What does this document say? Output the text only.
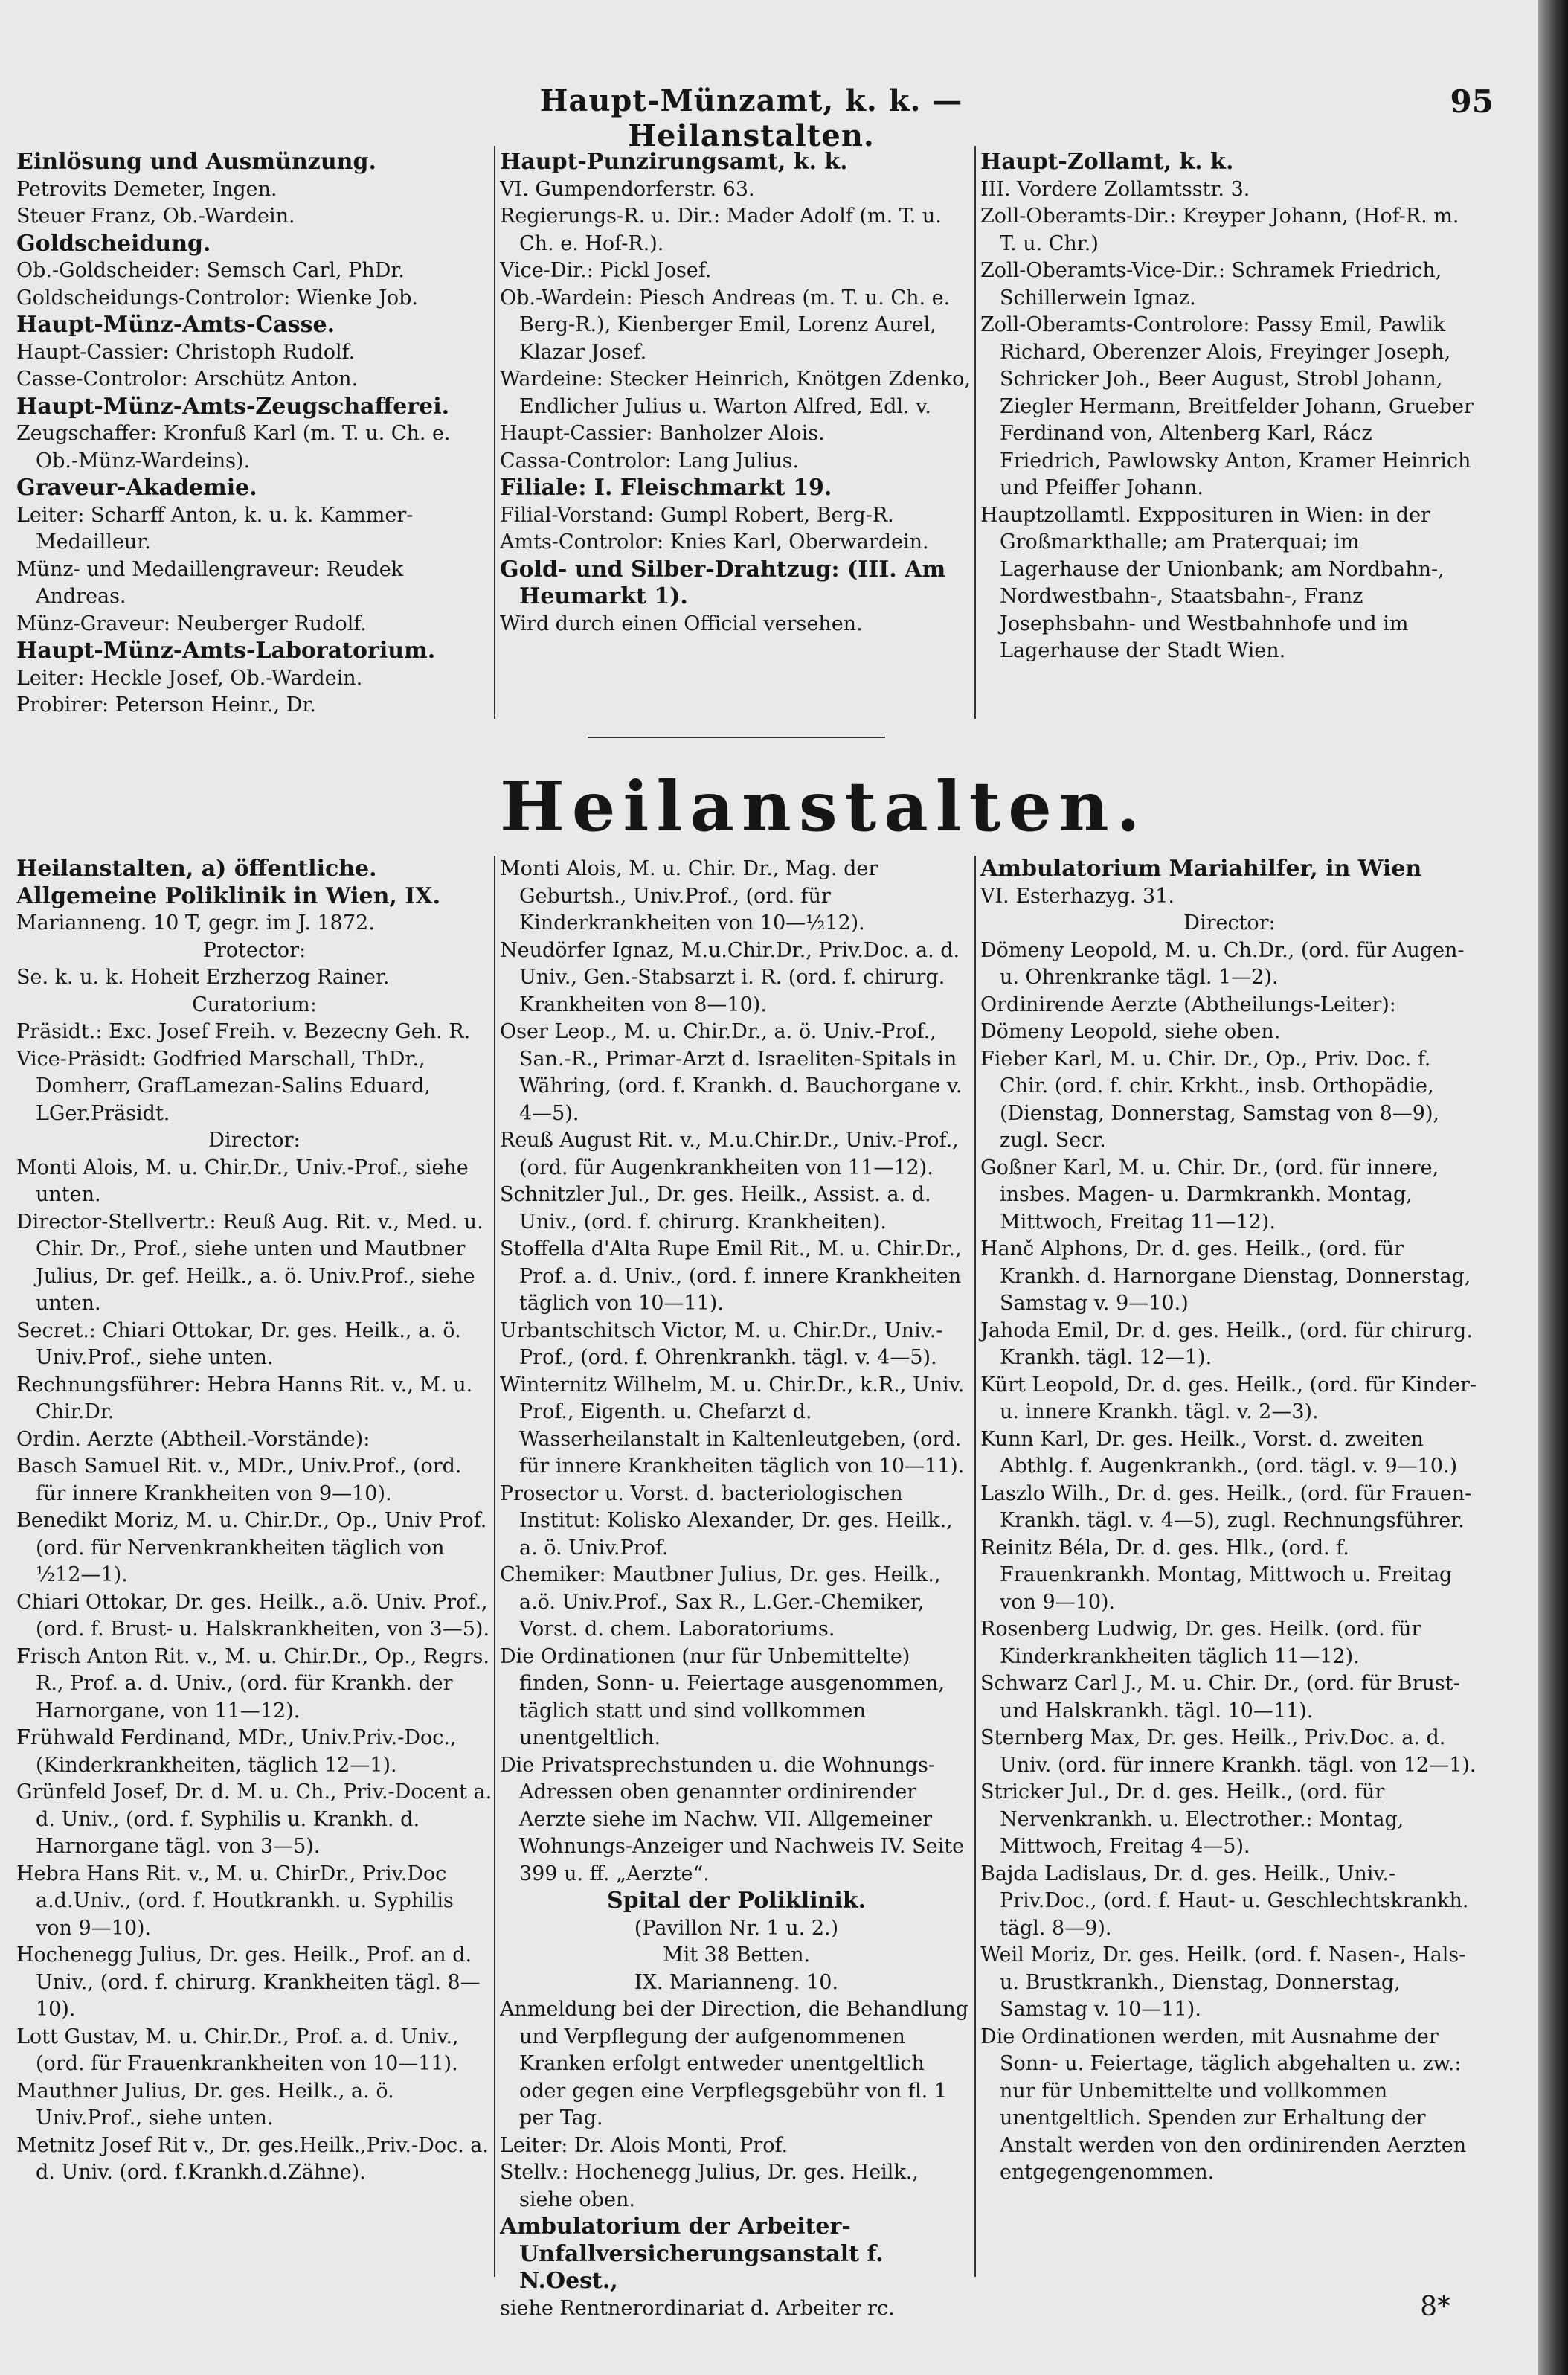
Haupt-Münzamt, k. k. — Heilanstalten.
95
Einlösung und Ausmünzung.
Petrovits Demeter, Ingen.
Steuer Franz, Ob.-Wardein.
Goldscheidung.
Ob.-Goldscheider: Semsch Carl, PhDr.
Goldscheidungs-Controlor: Wienke Job.
Haupt-Münz-Amts-Casse.
Haupt-Cassier: Christoph Rudolf.
Casse-Controlor: Arschütz Anton.
Haupt-Münz-Amts-Zeugschafferei.
Zeugschaffer: Kronfuß Karl (m. T. u. Ch. e. Ob.-Münz-Wardeins).
Graveur-Akademie.
Leiter: Scharff Anton, k. u. k. Kammer-Medailleur.
Münz- und Medaillengraveur: Reudek Andreas.
Münz-Graveur: Neuberger Rudolf.
Haupt-Münz-Amts-Laboratorium.
Leiter: Heckle Josef, Ob.-Wardein.
Probirer: Peterson Heinr., Dr.
Haupt-Punzirungsamt, k. k.
VI. Gumpendorferstr. 63.
Regierungs-R. u. Dir.: Mader Adolf (m. T. u. Ch. e. Hof-R.).
Vice-Dir.: Pickl Josef.
Ob.-Wardein: Piesch Andreas (m. T. u. Ch. e. Berg-R.), Kienberger Emil, Lorenz Aurel, Klazar Josef.
Wardeine: Stecker Heinrich, Knötgen Zdenko, Endlicher Julius u. Warton Alfred, Edl. v.
Haupt-Cassier: Banholzer Alois.
Cassa-Controlor: Lang Julius.
Filiale: I. Fleischmarkt 19.
Filial-Vorstand: Gumpl Robert, Berg-R.
Amts-Controlor: Knies Karl, Oberwardein.
Gold- und Silber-Drahtzug: (III. Am Heumarkt 1).
Wird durch einen Official versehen.
Haupt-Zollamt, k. k.
III. Vordere Zollamtsstr. 3.
Zoll-Oberamts-Dir.: Kreyper Johann, (Hof-R. m. T. u. Chr.)
Zoll-Oberamts-Vice-Dir.: Schramek Friedrich, Schillerwein Ignaz.
Zoll-Oberamts-Controlore: Passy Emil, Pawlik Richard, Oberenzer Alois, Freyinger Joseph, Schricker Joh., Beer August, Strobl Johann, Ziegler Hermann, Breitfelder Johann, Grueber Ferdinand von, Altenberg Karl, Rácz Friedrich, Pawlowsky Anton, Kramer Heinrich und Pfeiffer Johann.
Hauptzollamtl. Expposituren in Wien: in der Großmarkthalle; am Praterquai; im Lagerhause der Unionbank; am Nordbahn-, Nordwestbahn-, Staatsbahn-, Franz Josephsbahn- und Westbahnhofe und im Lagerhause der Stadt Wien.
Heilanstalten.
Heilanstalten, a) öffentliche.
Allgemeine Poliklinik in Wien, IX.
Marianneng. 10 T, gegr. im J. 1872.
Protector:
Se. k. u. k. Hoheit Erzherzog Rainer.
Curatorium:
Präsidt.: Exc. Josef Freih. v. Bezecny Geh. R.
Vice-Präsidt: Godfried Marschall, ThDr., Domherr, GrafLamezan-Salins Eduard, LGer.Präsidt.
Director:
Monti Alois, M. u. Chir.Dr., Univ.-Prof., siehe unten.
Director-Stellvertr.: Reuß Aug. Rit. v., Med. u. Chir. Dr., Prof., siehe unten und Mautbner Julius, Dr. gef. Heilk., a. ö. Univ.Prof., siehe unten.
Secret.: Chiari Ottokar, Dr. ges. Heilk., a. ö. Univ.Prof., siehe unten.
Rechnungsführer: Hebra Hanns Rit. v., M. u. Chir.Dr.
Ordin. Aerzte (Abtheil.-Vorstände):
Basch Samuel Rit. v., MDr., Univ.Prof., (ord. für innere Krankheiten von 9—10).
Benedikt Moriz, M. u. Chir.Dr., Op., Univ Prof. (ord. für Nervenkrankheiten täglich von ½12—1).
Chiari Ottokar, Dr. ges. Heilk., a.ö. Univ. Prof., (ord. f. Brust- u. Halskrankheiten, von 3—5).
Frisch Anton Rit. v., M. u. Chir.Dr., Op., Regrs. R., Prof. a. d. Univ., (ord. für Krankh. der Harnorgane, von 11—12).
Frühwald Ferdinand, MDr., Univ.Priv.-Doc., (Kinderkrankheiten, täglich 12—1).
Grünfeld Josef, Dr. d. M. u. Ch., Priv.-Docent a. d. Univ., (ord. f. Syphilis u. Krankh. d. Harnorgane tägl. von 3—5).
Hebra Hans Rit. v., M. u. ChirDr., Priv.Doc a.d.Univ., (ord. f. Houtkrankh. u. Syphilis von 9—10).
Hochenegg Julius, Dr. ges. Heilk., Prof. an d. Univ., (ord. f. chirurg. Krankheiten tägl. 8—10).
Lott Gustav, M. u. Chir.Dr., Prof. a. d. Univ., (ord. für Frauenkrankheiten von 10—11).
Mauthner Julius, Dr. ges. Heilk., a. ö. Univ.Prof., siehe unten.
Metnitz Josef Rit v., Dr. ges.Heilk.,Priv.-Doc. a. d. Univ. (ord. f.Krankh.d.Zähne).
Monti Alois, M. u. Chir. Dr., Mag. der Geburtsh., Univ.Prof., (ord. für Kinderkrankheiten von 10—½12).
Neudörfer Ignaz, M.u.Chir.Dr., Priv.Doc. a. d. Univ., Gen.-Stabsarzt i. R. (ord. f. chirurg. Krankheiten von 8—10).
Oser Leop., M. u. Chir.Dr., a. ö. Univ.-Prof., San.-R., Primar-Arzt d. Israeliten-Spitals in Währing, (ord. f. Krankh. d. Bauchorgane v. 4—5).
Reuß August Rit. v., M.u.Chir.Dr., Univ.-Prof., (ord. für Augenkrankheiten von 11—12).
Schnitzler Jul., Dr. ges. Heilk., Assist. a. d. Univ., (ord. f. chirurg. Krankheiten).
Stoffella d'Alta Rupe Emil Rit., M. u. Chir.Dr., Prof. a. d. Univ., (ord. f. innere Krankheiten täglich von 10—11).
Urbantschitsch Victor, M. u. Chir.Dr., Univ.-Prof., (ord. f. Ohrenkrankh. tägl. v. 4—5).
Winternitz Wilhelm, M. u. Chir.Dr., k.R., Univ. Prof., Eigenth. u. Chefarzt d. Wasserheilanstalt in Kaltenleutgeben, (ord. für innere Krankheiten täglich von 10—11).
Prosector u. Vorst. d. bacteriologischen Institut: Kolisko Alexander, Dr. ges. Heilk., a. ö. Univ.Prof.
Chemiker: Mautbner Julius, Dr. ges. Heilk., a.ö. Univ.Prof., Sax R., L.Ger.-Chemiker, Vorst. d. chem. Laboratoriums.
Die Ordinationen (nur für Unbemittelte) finden, Sonn- u. Feiertage ausgenommen, täglich statt und sind vollkommen unentgeltlich.
Die Privatsprechstunden u. die Wohnungs-Adressen oben genannter ordinirender Aerzte siehe im Nachw. VII. Allgemeiner Wohnungs-Anzeiger und Nachweis IV. Seite 399 u. ff. „Aerzte“.
Spital der Poliklinik.
(Pavillon Nr. 1 u. 2.)
Mit 38 Betten.
IX. Marianneng. 10.
Anmeldung bei der Direction, die Behandlung und Verpflegung der aufgenommenen Kranken erfolgt entweder unentgeltlich oder gegen eine Verpflegsgebühr von fl. 1 per Tag.
Leiter: Dr. Alois Monti, Prof.
Stellv.: Hochenegg Julius, Dr. ges. Heilk., siehe oben.
Ambulatorium der Arbeiter-Unfallversicherungsanstalt f. N.Oest.,
siehe Rentnerordinariat d. Arbeiter rc.
Ambulatorium Mariahilfer, in Wien
VI. Esterhazyg. 31.
Director:
Dömeny Leopold, M. u. Ch.Dr., (ord. für Augen- u. Ohrenkranke tägl. 1—2).
Ordinirende Aerzte (Abtheilungs-Leiter):
Dömeny Leopold, siehe oben.
Fieber Karl, M. u. Chir. Dr., Op., Priv. Doc. f. Chir. (ord. f. chir. Krkht., insb. Orthopädie, (Dienstag, Donnerstag, Samstag von 8—9), zugl. Secr.
Goßner Karl, M. u. Chir. Dr., (ord. für innere, insbes. Magen- u. Darmkrankh. Montag, Mittwoch, Freitag 11—12).
Hanč Alphons, Dr. d. ges. Heilk., (ord. für Krankh. d. Harnorgane Dienstag, Donnerstag, Samstag v. 9—10.)
Jahoda Emil, Dr. d. ges. Heilk., (ord. für chirurg. Krankh. tägl. 12—1).
Kürt Leopold, Dr. d. ges. Heilk., (ord. für Kinder- u. innere Krankh. tägl. v. 2—3).
Kunn Karl, Dr. ges. Heilk., Vorst. d. zweiten Abthlg. f. Augenkrankh., (ord. tägl. v. 9—10.)
Laszlo Wilh., Dr. d. ges. Heilk., (ord. für Frauen-Krankh. tägl. v. 4—5), zugl. Rechnungsführer.
Reinitz Béla, Dr. d. ges. Hlk., (ord. f. Frauenkrankh. Montag, Mittwoch u. Freitag von 9—10).
Rosenberg Ludwig, Dr. ges. Heilk. (ord. für Kinderkrankheiten täglich 11—12).
Schwarz Carl J., M. u. Chir. Dr., (ord. für Brust- und Halskrankh. tägl. 10—11).
Sternberg Max, Dr. ges. Heilk., Priv.Doc. a. d. Univ. (ord. für innere Krankh. tägl. von 12—1).
Stricker Jul., Dr. d. ges. Heilk., (ord. für Nervenkrankh. u. Electrother.: Montag, Mittwoch, Freitag 4—5).
Bajda Ladislaus, Dr. d. ges. Heilk., Univ.-Priv.Doc., (ord. f. Haut- u. Geschlechtskrankh. tägl. 8—9).
Weil Moriz, Dr. ges. Heilk. (ord. f. Nasen-, Hals- u. Brustkrankh., Dienstag, Donnerstag, Samstag v. 10—11).
Die Ordinationen werden, mit Ausnahme der Sonn- u. Feiertage, täglich abgehalten u. zw.: nur für Unbemittelte und vollkommen unentgeltlich. Spenden zur Erhaltung der Anstalt werden von den ordinirenden Aerzten entgegengenommen.
8*
